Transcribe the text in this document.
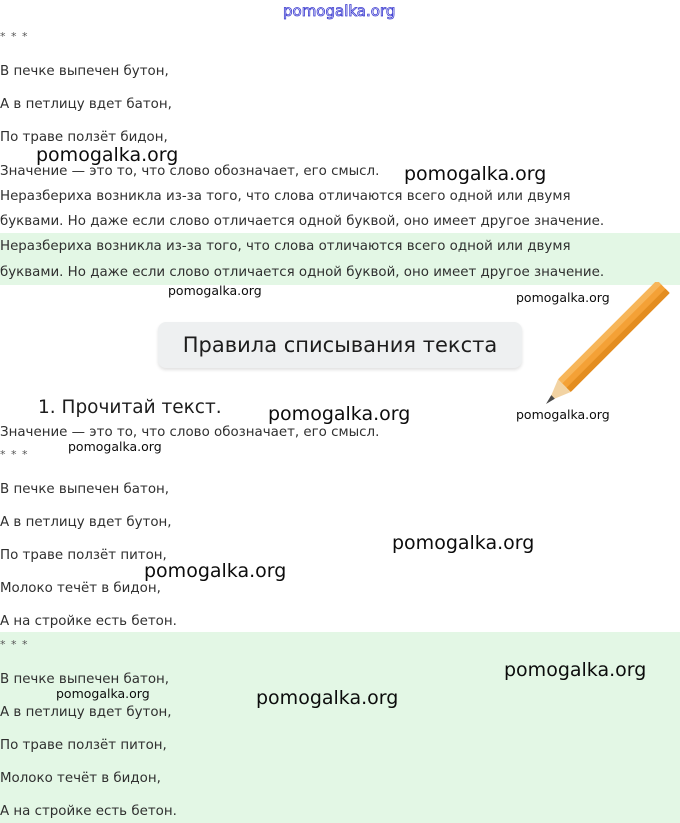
pomogalka.org
* * *
В печке выпечен бутон,
А в петлицу вдет батон,
По траве ползёт бидон,
Значение — это то, что слово обозначает, его смысл.
Неразбериха возникла из-за того, что слова отличаются всего одной или двумя
буквами. Но даже если слово отличается одной буквой, оно имеет другое значение.
Неразбериха возникла из-за того, что слова отличаются всего одной или двумя
буквами. Но даже если слово отличается одной буквой, оно имеет другое значение.
Правила списывания текста
1. Прочитай текст.
Значение — это то, что слово обозначает, его смысл.
* * *
В печке выпечен батон,
А в петлицу вдет бутон,
По траве ползёт питон,
Молоко течёт в бидон,
А на стройке есть бетон.
* * *
В печке выпечен батон,
А в петлицу вдет бутон,
По траве ползёт питон,
Молоко течёт в бидон,
А на стройке есть бетон.
pomogalka.org
pomogalka.org
pomogalka.org	pomogalka.org
pomogalka.org	pomogalka.org
pomogalka.org
pomogalka.org
pomogalka.org
pomogalka.org
pomogalka.org	pomogalka.org
